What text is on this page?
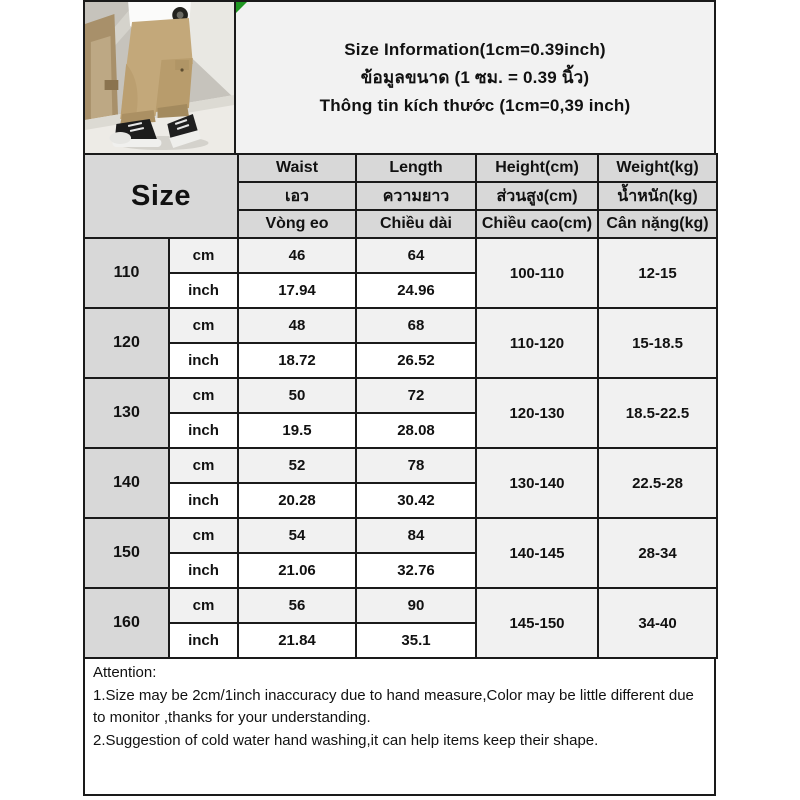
Size Information(1cm=0.39inch)
ข้อมูลขนาด (1 ซม. = 0.39 นิ้ว)
Thông tin kích thước (1cm=0,39 inch)
Size		Waist	Length	Height(cm)	Weight(kg)
		เอว	ความยาว	ส่วนสูง(cm)	น้ำหนัก(kg)
		Vòng eo	Chiều dài	Chiều cao(cm)	Cân nặng(kg)
110	cm	46	64	100-110	12-15
	inch	17.94	24.96		
120	cm	48	68	110-120	15-18.5
	inch	18.72	26.52		
130	cm	50	72	120-130	18.5-22.5
	inch	19.5	28.08		
140	cm	52	78	130-140	22.5-28
	inch	20.28	30.42		
150	cm	54	84	140-145	28-34
	inch	21.06	32.76		
160	cm	56	90	145-150	34-40
	inch	21.84	35.1		
Attention:
1.Size may be 2cm/1inch inaccuracy due to hand measure,Color may be little different due to monitor ,thanks for your understanding.
2.Suggestion of cold water hand washing,it can help items keep their shape.
